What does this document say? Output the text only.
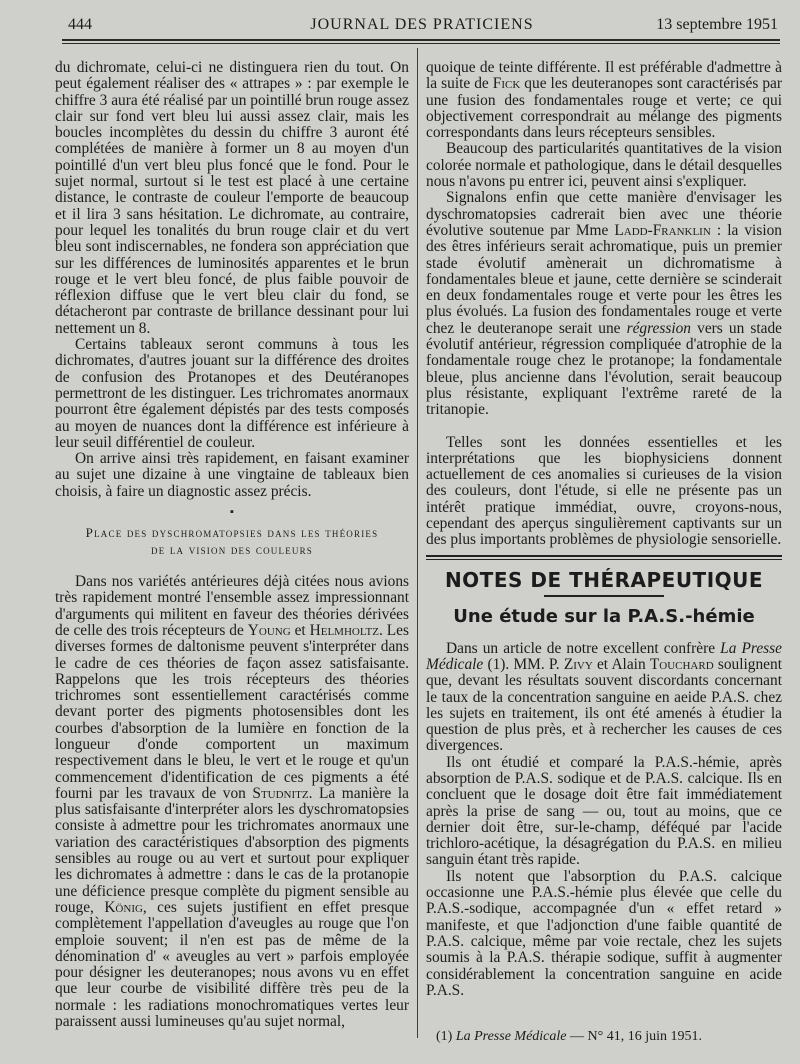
444	JOURNAL DES PRATICIENS	13 septembre 1951

du dichromate, celui-ci ne distinguera rien du tout. On peut également réaliser des « attrapes » : par exemple le chiffre 3 aura été réalisé par un pointillé brun rouge assez clair sur fond vert bleu lui aussi assez clair, mais les boucles incomplètes du dessin du chiffre 3 auront été complétées de manière à former un 8 au moyen d'un pointillé d'un vert bleu plus foncé que le fond. Pour le sujet normal, surtout si le test est placé à une certaine distance, le contraste de couleur l'emporte de beaucoup et il lira 3 sans hésitation. Le dichromate, au contraire, pour lequel les tonalités du brun rouge clair et du vert bleu sont indiscernables, ne fondera son appréciation que sur les différences de luminosités apparentes et le brun rouge et le vert bleu foncé, de plus faible pouvoir de réflexion diffuse que le vert bleu clair du fond, se détacheront par contraste de brillance dessinant pour lui nettement un 8.

Certains tableaux seront communs à tous les dichromates, d'autres jouant sur la différence des droites de confusion des Protanopes et des Deutéranopes permettront de les distinguer. Les trichromates anormaux pourront être également dépistés par des tests composés au moyen de nuances dont la différence est inférieure à leur seuil différentiel de couleur.

On arrive ainsi très rapidement, en faisant examiner au sujet une dizaine à une vingtaine de tableaux bien choisis, à faire un diagnostic assez précis.

▪
Place des dyschromatopsies dans les théories
de la vision des couleurs

Dans nos variétés antérieures déjà citées nous avions très rapidement montré l'ensemble assez impressionnant d'arguments qui militent en faveur des théories dérivées de celle des trois récepteurs de Young et Helmholtz. Les diverses formes de daltonisme peuvent s'interpréter dans le cadre de ces théories de façon assez satisfaisante. Rappelons que les trois récepteurs des théories trichromes sont essentiellement caractérisés comme devant porter des pigments photosensibles dont les courbes d'absorption de la lumière en fonction de la longueur d'onde comportent un maximum respectivement dans le bleu, le vert et le rouge et qu'un commencement d'identification de ces pigments a été fourni par les travaux de von Studnitz. La manière la plus satisfaisante d'interpréter alors les dyschromatopsies consiste à admettre pour les trichromates anormaux une variation des caractéristiques d'absorption des pigments sensibles au rouge ou au vert et surtout pour expliquer les dichromates à admettre : dans le cas de la protanopie une déficience presque complète du pigment sensible au rouge, König, ces sujets justifient en effet presque complètement l'appellation d'aveugles au rouge que l'on emploie souvent; il n'en est pas de même de la dénomination d' « aveugles au vert » parfois employée pour désigner les deuteranopes; nous avons vu en effet que leur courbe de visibilité diffère très peu de la normale : les radiations monochromatiques vertes leur paraissent aussi lumineuses qu'au sujet normal,

quoique de teinte différente. Il est préférable d'admettre à la suite de Fick que les deuteranopes sont caractérisés par une fusion des fondamentales rouge et verte; ce qui objectivement correspondrait au mélange des pigments correspondants dans leurs récepteurs sensibles.

Beaucoup des particularités quantitatives de la vision colorée normale et pathologique, dans le détail desquelles nous n'avons pu entrer ici, peuvent ainsi s'expliquer.

Signalons enfin que cette manière d'envisager les dyschromatopsies cadrerait bien avec une théorie évolutive soutenue par Mme Ladd-Franklin : la vision des êtres inférieurs serait achromatique, puis un premier stade évolutif amènerait un dichromatisme à fondamentales bleue et jaune, cette dernière se scinderait en deux fondamentales rouge et verte pour les êtres les plus évolués. La fusion des fondamentales rouge et verte chez le deuteranope serait une régression vers un stade évolutif antérieur, régression compliquée d'atrophie de la fondamentale rouge chez le protanope; la fondamentale bleue, plus ancienne dans l'évolution, serait beaucoup plus résistante, expliquant l'extrême rareté de la tritanopie.

Telles sont les données essentielles et les interprétations que les biophysiciens donnent actuellement de ces anomalies si curieuses de la vision des couleurs, dont l'étude, si elle ne présente pas un intérêt pratique immédiat, ouvre, croyons-nous, cependant des aperçus singulièrement captivants sur un des plus importants problèmes de physiologie sensorielle.

NOTES DE THÉRAPEUTIQUE
Une étude sur la P.A.S.-hémie

Dans un article de notre excellent confrère La Presse Médicale (1). MM. P. Zivy et Alain Touchard soulignent que, devant les résultats souvent discordants concernant le taux de la concentration sanguine en aeide P.A.S. chez les sujets en traitement, ils ont été amenés à étudier la question de plus près, et à rechercher les causes de ces divergences.

Ils ont étudié et comparé la P.A.S.-hémie, après absorption de P.A.S. sodique et de P.A.S. calcique. Ils en concluent que le dosage doit être fait immédiatement après la prise de sang — ou, tout au moins, que ce dernier doit être, sur-le-champ, déféqué par l'acide trichloro-acétique, la désagrégation du P.A.S. en milieu sanguin étant très rapide.

Ils notent que l'absorption du P.A.S. calcique occasionne une P.A.S.-hémie plus élevée que celle du P.A.S.-sodique, accompagnée d'un « effet retard » manifeste, et que l'adjonction d'une faible quantité de P.A.S. calcique, même par voie rectale, chez les sujets soumis à la P.A.S. thérapie sodique, suffit à augmenter considérablement la concentration sanguine en acide P.A.S.

(1) La Presse Médicale — N° 41, 16 juin 1951.
